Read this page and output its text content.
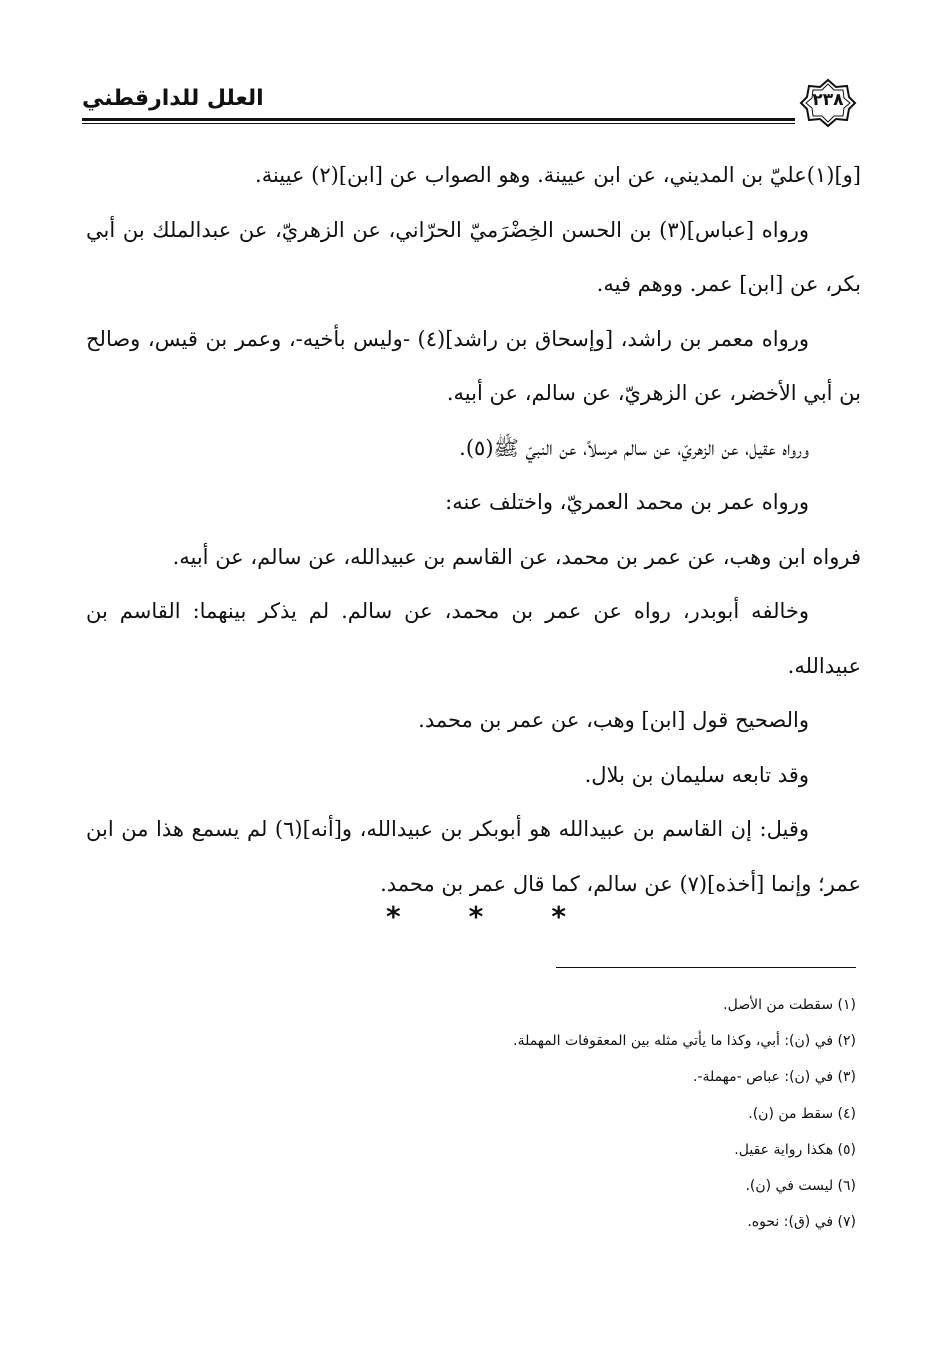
العلل للدارقطني	٢٣٨

[و](١)عليّ بن المديني، عن ابن عيينة. وهو الصواب عن [ابن](٢) عيينة.

ورواه [عباس](٣) بن الحسن الخِضْرَميّ الحرّاني، عن الزهريّ، عن عبدالملك بن أبي بكر، عن [ابن] عمر. ووهم فيه.

ورواه معمر بن راشد، [وإسحاق بن راشد](٤) -وليس بأخيه-، وعمر بن قيس، وصالح بن أبي الأخضر، عن الزهريّ، عن سالم، عن أبيه.

ورواه عقيل، عن الزهريّ، عن سالم مرسلاً، عن النبيّ ﷺ(٥).

ورواه عمر بن محمد العمريّ، واختلف عنه:

فرواه ابن وهب، عن عمر بن محمد، عن القاسم بن عبيدالله، عن سالم، عن أبيه.

وخالفه أبوبدر، رواه عن عمر بن محمد، عن سالم. لم يذكر بينهما: القاسم بن عبيدالله.

والصحيح قول [ابن] وهب، عن عمر بن محمد.

وقد تابعه سليمان بن بلال.

وقيل: إن القاسم بن عبيدالله هو أبوبكر بن عبيدالله، و[أنه](٦) لم يسمع هذا من ابن عمر؛ وإنما [أخذه](٧) عن سالم، كما قال عمر بن محمد.

* * *

(١) سقطت من الأصل.

(٢) في (ن): أبي، وكذا ما يأتي مثله بين المعقوفات المهملة.

(٣) في (ن): عباص -مهملة-.

(٤) سقط من (ن).

(٥) هكذا رواية عقيل.

(٦) ليست في (ن).

(٧) في (ق): نحوه.
